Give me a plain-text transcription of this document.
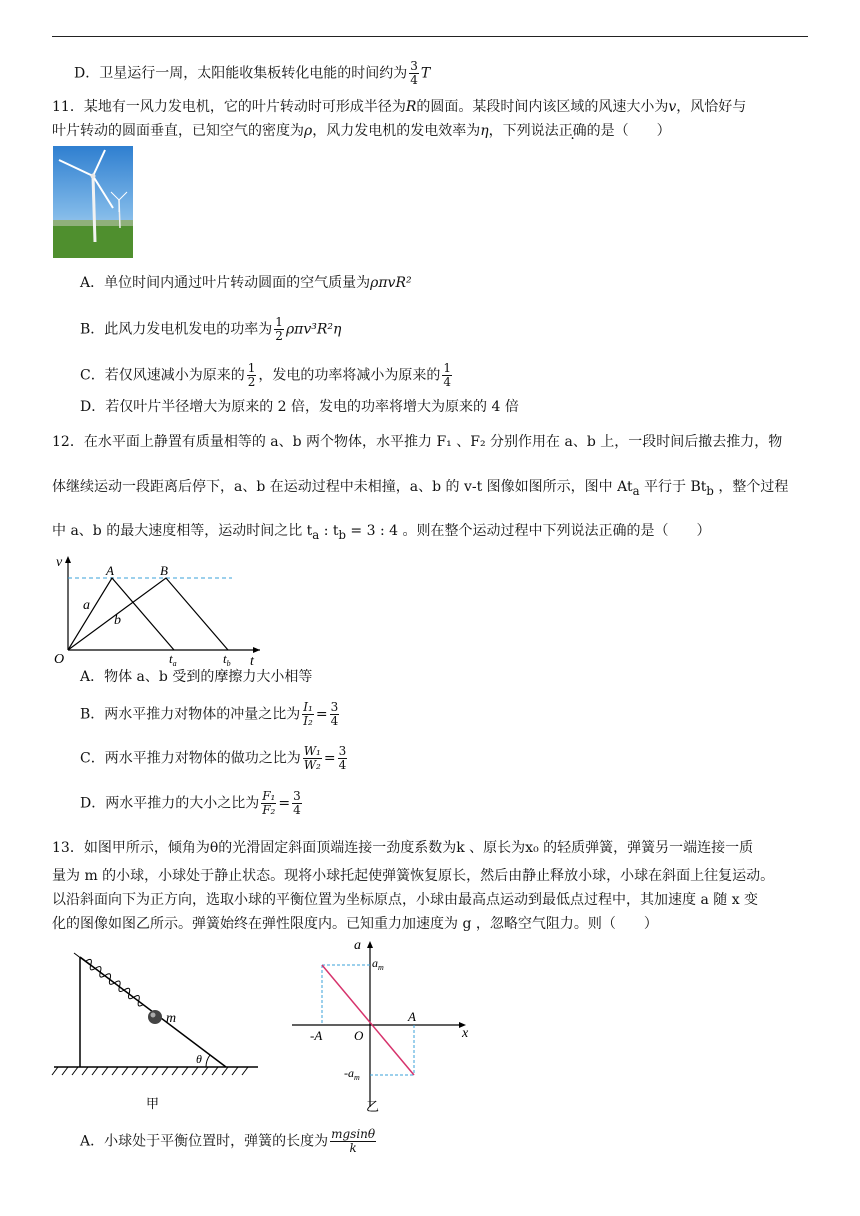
D．卫星运行一周，太阳能收集板转化电能的时间约为 $\frac{3}{4}$ T
11．某地有一风力发电机，它的叶片转动时可形成半径为R的圆面。某段时间内该区域的风速大小为v，风恰好与
叶片转动的圆面垂直，已知空气的密度为ρ，风力发电机的发电效率为η，下列说法正确的是（　　）
A．单位时间内通过叶片转动圆面的空气质量为ρπvR²
B．此风力发电机发电的功率为 $\frac{1}{2} \rho\pi v^3R^2\eta$
C．若仅风速减小为原来的 $\frac{1}{2}$ ，发电的功率将减小为原来的 $\frac{1}{4}$
D．若仅叶片半径增大为原来的 2 倍，发电的功率将增大为原来的 4 倍
12．在水平面上静置有质量相等的 a、b 两个物体，水平推力 F₁ 、F₂ 分别作用在 a、b 上，一段时间后撤去推力，物
体继续运动一段距离后停下，a、b 在运动过程中未相撞，a、b 的 v-t 图像如图所示，图中 $At_a$ 平行于 $Bt_b$ ，整个过程
中 a、b 的最大速度相等，运动时间之比 $t_a$ : $t_b = 3$ : 4 。则在整个运动过程中下列说法正确的是（　　）
v
t
O
A	B
a
b
$t_a$	$t_b$
A．物体 a、b 受到的摩擦力大小相等
B．两水平推力对物体的冲量之比为 $\frac{\text{I₁}}{\text{I₂}} = \frac{3}{4}$
C．两水平推力对物体的做功之比为 $\frac{\text{W₁}}{\text{W₂}} = \frac{3}{4}$
D．两水平推力的大小之比为 $\frac{\text{F₁}}{\text{F₂}} = \frac{3}{4}$
13．如图甲所示，倾角为θ的光滑固定斜面顶端连接一劲度系数为k 、原长为x₀ 的轻质弹簧，弹簧另一端连接一质
量为 m 的小球，小球处于静止状态。现将小球托起使弹簧恢复原长，然后由静止释放小球，小球在斜面上往复运动。
以沿斜面向下为正方向，选取小球的平衡位置为坐标原点，小球由最高点运动到最低点过程中，其加速度 a 随 x 变
化的图像如图乙所示。弹簧始终在弹性限度内。已知重力加速度为 g ，忽略空气阻力。则（　　）
m
θ
甲
a
x
$a_m$
$-a_m$
-A O
A
乙
A．小球处于平衡位置时，弹簧的长度为 $\frac{mgsin\theta}{k}$
